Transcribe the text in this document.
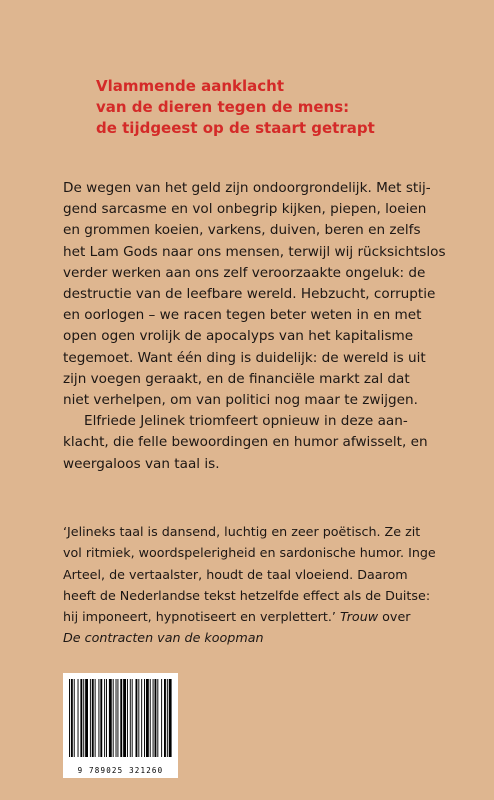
Vlammende aanklacht
van de dieren tegen de mens:
de tijdgeest op de staart getrapt
De wegen van het geld zijn ondoorgrondelijk. Met stij-
gend sarcasme en vol onbegrip kijken, piepen, loeien
en grommen koeien, varkens, duiven, beren en zelfs
het Lam Gods naar ons mensen, terwijl wij rücksichtslos
verder werken aan ons zelf veroorzaakte ongeluk: de
destructie van de leefbare wereld. Hebzucht, corruptie
en oorlogen – we racen tegen beter weten in en met
open ogen vrolijk de apocalyps van het kapitalisme
tegemoet. Want één ding is duidelijk: de wereld is uit
zijn voegen geraakt, en de financiële markt zal dat
niet verhelpen, om van politici nog maar te zwijgen.
Elfriede Jelinek triomfeert opnieuw in deze aan-
klacht, die felle bewoordingen en humor afwisselt, en
weergaloos van taal is.
‘Jelineks taal is dansend, luchtig en zeer poëtisch. Ze zit
vol ritmiek, woordspelerigheid en sardonische humor. Inge
Arteel, de vertaalster, houdt de taal vloeiend. Daarom
heeft de Nederlandse tekst hetzelfde effect als de Duitse:
hij imponeert, hypnotiseert en verplettert.’ Trouw over
De contracten van de koopman
9 789025 321260
